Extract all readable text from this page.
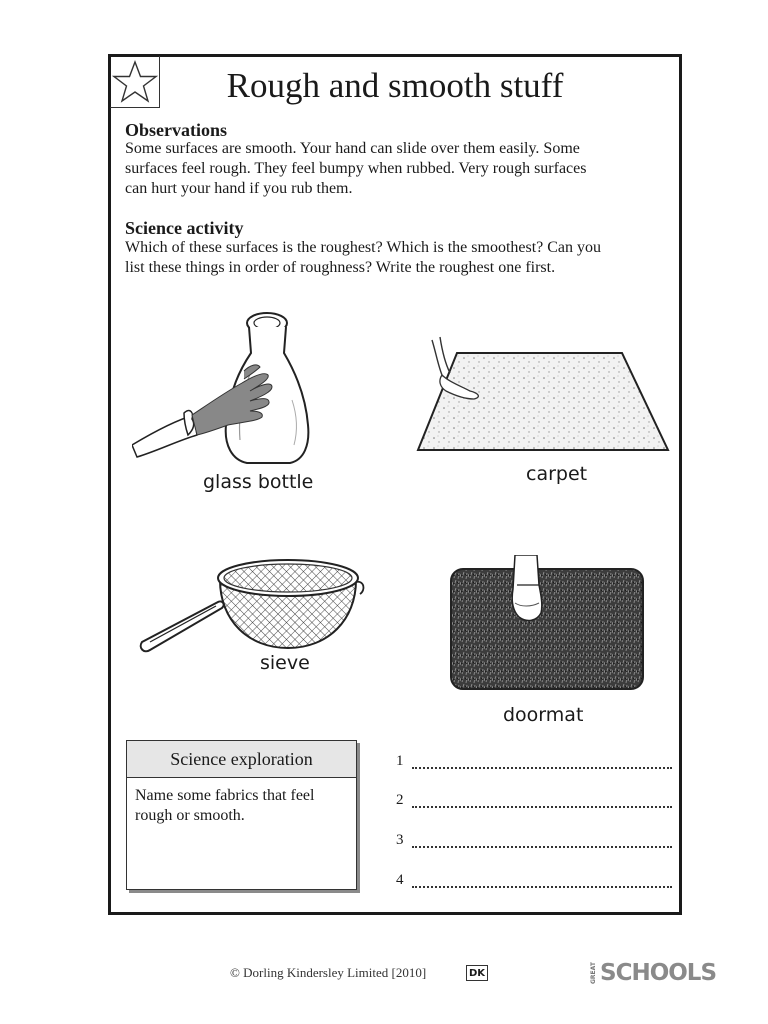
Rough and smooth stuff
Observations
Some surfaces are smooth. Your hand can slide over them easily. Some
surfaces feel rough. They feel bumpy when rubbed. Very rough surfaces
can hurt your hand if you rub them.
Science activity
Which of these surfaces is the roughest? Which is the smoothest? Can you
list these things in order of roughness? Write the roughest one first.
glass bottle	carpet
sieve
doormat
Science exploration
Name some fabrics that feel
rough or smooth.
1
2
3
4
© Dorling Kindersley Limited [2010]	DK	GREAT SCHOOLS
